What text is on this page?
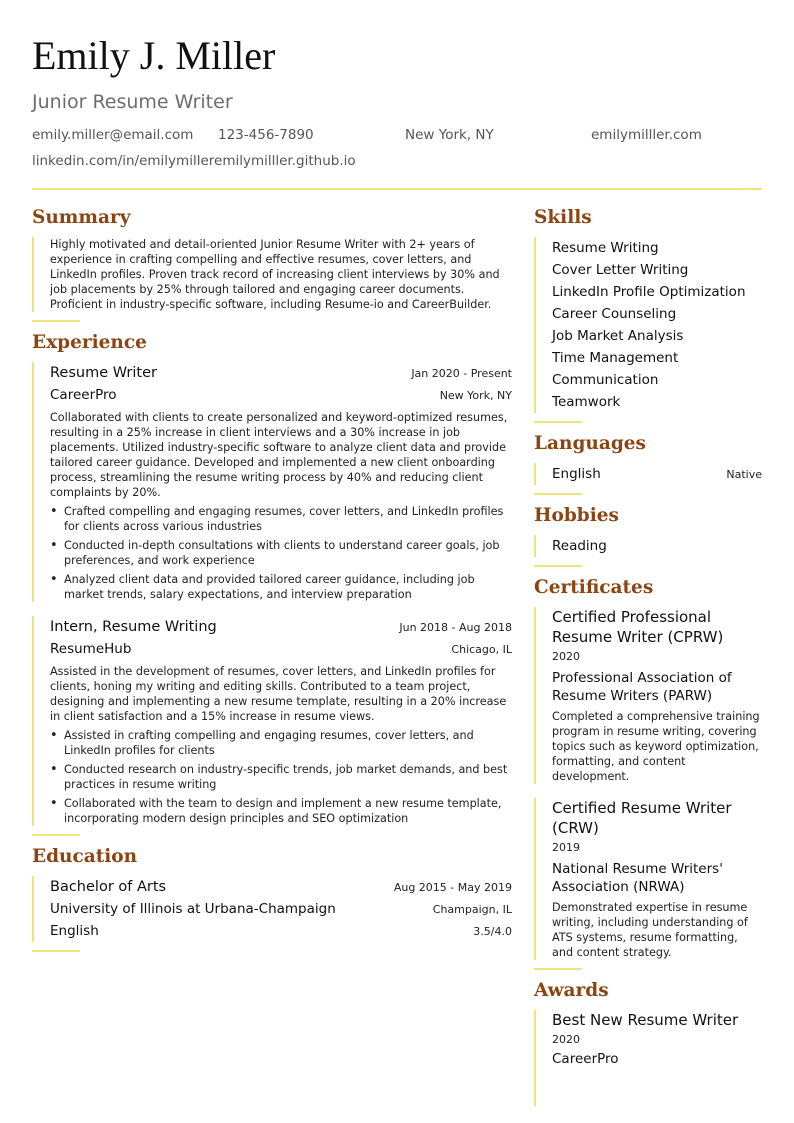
Emily J. Miller
Junior Resume Writer
emily.miller@email.com 123-456-7890	New York, NY	emilymilller.com
linkedin.com/in/emilymilleremilymilller.github.io
Summary
Highly motivated and detail-oriented Junior Resume Writer with 2+ years of experience in crafting compelling and effective resumes, cover letters, and LinkedIn profiles. Proven track record of increasing client interviews by 30% and job placements by 25% through tailored and engaging career documents. Proficient in industry-specific software, including Resume-io and CareerBuilder.
Experience
Resume Writer	Jan 2020 - Present
CareerPro	New York, NY
Collaborated with clients to create personalized and keyword-optimized resumes, resulting in a 25% increase in client interviews and a 30% increase in job placements. Utilized industry-specific software to analyze client data and provide tailored career guidance. Developed and implemented a new client onboarding process, streamlining the resume writing process by 40% and reducing client complaints by 20%.
• Crafted compelling and engaging resumes, cover letters, and LinkedIn profiles for clients across various industries
• Conducted in-depth consultations with clients to understand career goals, job preferences, and work experience
• Analyzed client data and provided tailored career guidance, including job market trends, salary expectations, and interview preparation
Intern, Resume Writing	Jun 2018 - Aug 2018
ResumeHub	Chicago, IL
Assisted in the development of resumes, cover letters, and LinkedIn profiles for clients, honing my writing and editing skills. Contributed to a team project, designing and implementing a new resume template, resulting in a 20% increase in client satisfaction and a 15% increase in resume views.
• Assisted in crafting compelling and engaging resumes, cover letters, and LinkedIn profiles for clients
• Conducted research on industry-specific trends, job market demands, and best practices in resume writing
• Collaborated with the team to design and implement a new resume template, incorporating modern design principles and SEO optimization
Education
Bachelor of Arts	Aug 2015 - May 2019
University of Illinois at Urbana-Champaign	Champaign, IL
English	3.5/4.0
Skills
Resume Writing
Cover Letter Writing
LinkedIn Profile Optimization
Career Counseling
Job Market Analysis
Time Management
Communication
Teamwork
Languages
English	Native
Hobbies
Reading
Certificates
Certified Professional Resume Writer (CPRW)
2020
Professional Association of Resume Writers (PARW)
Completed a comprehensive training program in resume writing, covering topics such as keyword optimization, formatting, and content development.
Certified Resume Writer (CRW)
2019
National Resume Writers' Association (NRWA)
Demonstrated expertise in resume writing, including understanding of ATS systems, resume formatting, and content strategy.
Awards
Best New Resume Writer
2020
CareerPro
